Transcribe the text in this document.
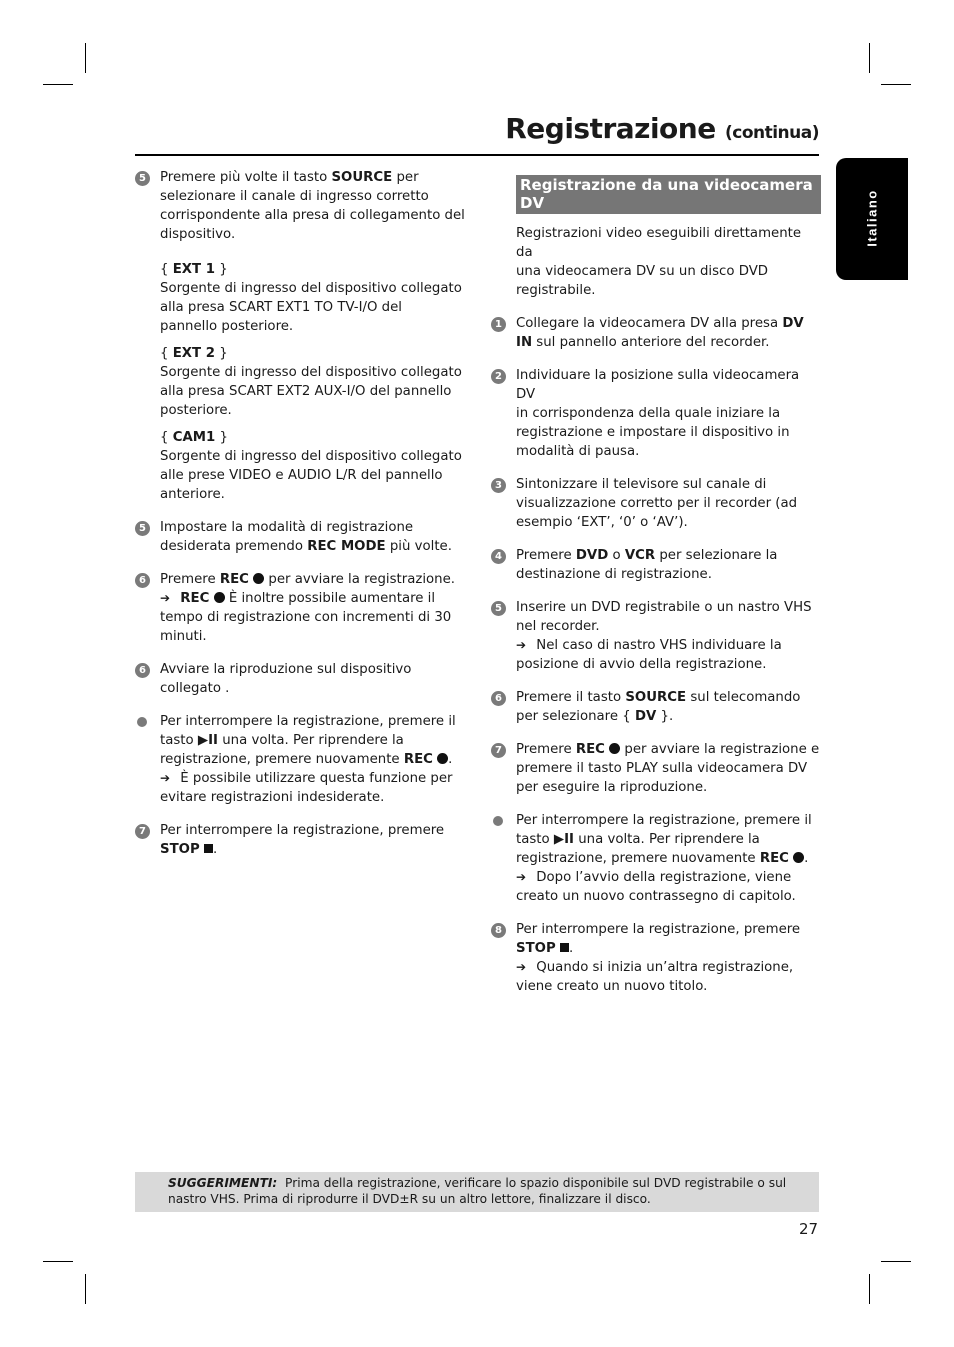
Registrazione (continua)
Italiano
5	Premere più volte il tasto SOURCE per
selezionare il canale di ingresso corretto
corrispondente alla presa di collegamento del
dispositivo.
{ EXT 1 }
Sorgente di ingresso del dispositivo collegato
alla presa SCART EXT1 TO TV-I/O del
pannello posteriore.
{ EXT 2 }
Sorgente di ingresso del dispositivo collegato
alla presa SCART EXT2 AUX-I/O del pannello
posteriore.
{ CAM1 }
Sorgente di ingresso del dispositivo collegato
alle prese VIDEO e AUDIO L/R del pannello
anteriore.
5	Impostare la modalità di registrazione
desiderata premendo REC MODE più volte.
6	Premere REC  per avviare la registrazione.
➔ REC  È inoltre possibile aumentare il
tempo di registrazione con incrementi di 30
minuti.
6	Avviare la riproduzione sul dispositivo
collegato .
Per interrompere la registrazione, premere il
tasto ▶II una volta. Per riprendere la
registrazione, premere nuovamente REC .
➔ È possibile utilizzare questa funzione per
evitare registrazioni indesiderate.
7	Per interrompere la registrazione, premere
STOP .
Registrazione da una videocamera DV
Registrazioni video eseguibili direttamente da
una videocamera DV su un disco DVD
registrabile.
1	Collegare la videocamera DV alla presa DV
IN sul pannello anteriore del recorder.
2	Individuare la posizione sulla videocamera DV
in corrispondenza della quale iniziare la
registrazione e impostare il dispositivo in
modalità di pausa.
3	Sintonizzare il televisore sul canale di
visualizzazione corretto per il recorder (ad
esempio ‘EXT’, ‘0’ o ‘AV’).
4	Premere DVD o VCR per selezionare la
destinazione di registrazione.
5	Inserire un DVD registrabile o un nastro VHS
nel recorder.
➔ Nel caso di nastro VHS individuare la
posizione di avvio della registrazione.
6	Premere il tasto SOURCE sul telecomando
per selezionare { DV }.
7	Premere REC  per avviare la registrazione e
premere il tasto PLAY sulla videocamera DV
per eseguire la riproduzione.
Per interrompere la registrazione, premere il
tasto ▶II una volta. Per riprendere la
registrazione, premere nuovamente REC .
➔ Dopo l’avvio della registrazione, viene
creato un nuovo contrassegno di capitolo.
8	Per interrompere la registrazione, premere
STOP .
➔ Quando si inizia un’altra registrazione,
viene creato un nuovo titolo.
SUGGERIMENTI:  Prima della registrazione, verificare lo spazio disponibile sul DVD registrabile o sul
nastro VHS. Prima di riprodurre il DVD±R su un altro lettore, finalizzare il disco.
27
